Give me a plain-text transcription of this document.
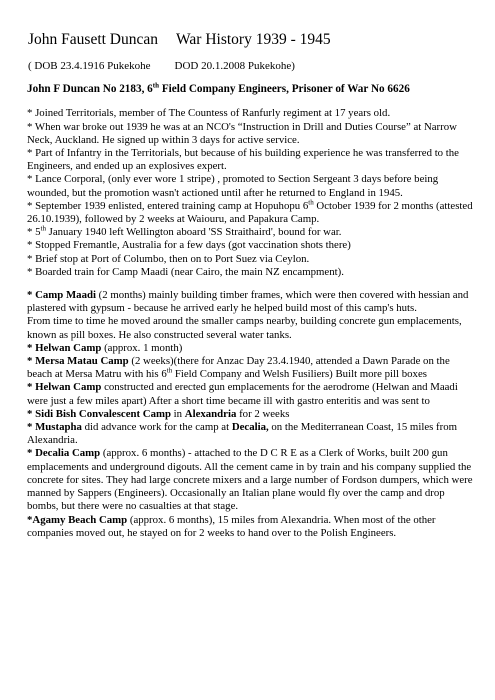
John Fausett Duncan War History 1939 - 1945
( DOB 23.4.1916 Pukekohe DOD 20.1.2008 Pukekohe)
John F Duncan No 2183, 6th Field Company Engineers, Prisoner of War No 6626

* Joined Territorials, member of The Countess of Ranfurly regiment at 17 years old.

* When war broke out 1939 he was at an NCO's “Instruction in Drill and Duties Course” at Narrow Neck, Auckland. He signed up within 3 days for active service.

* Part of Infantry in the Territorials, but because of his building experience he was transferred to the Engineers, and ended up an explosives expert.

* Lance Corporal, (only ever wore 1 stripe) , promoted to Section Sergeant 3 days before being wounded, but the promotion wasn't actioned until after he returned to England in 1945.

* September 1939 enlisted, entered training camp at Hopuhopu 6th October 1939 for 2 months (attested 26.10.1939), followed by 2 weeks at Waiouru, and Papakura Camp.

* 5th January 1940 left Wellington aboard 'SS Straithaird', bound for war.

* Stopped Fremantle, Australia for a few days (got vaccination shots there)

* Brief stop at Port of Columbo, then on to Port Suez via Ceylon.

* Boarded train for Camp Maadi (near Cairo, the main NZ encampment).

* Camp Maadi (2 months) mainly building timber frames, which were then covered with hessian and plastered with gypsum - because he arrived early he helped build most of this camp's huts.

From time to time he moved around the smaller camps nearby, building concrete gun emplacements, known as pill boxes. He also constructed several water tanks.

* Helwan Camp (approx. 1 month)

* Mersa Matau Camp (2 weeks)(there for Anzac Day 23.4.1940, attended a Dawn Parade on the beach at Mersa Matru with his 6th Field Company and Welsh Fusiliers) Built more pill boxes

* Helwan Camp constructed and erected gun emplacements for the aerodrome (Helwan and Maadi were just a few miles apart) After a short time became ill with gastro enteritis and was sent to

* Sidi Bish Convalescent Camp in Alexandria for 2 weeks

* Mustapha did advance work for the camp at Decalia, on the Mediterranean Coast, 15 miles from Alexandria.

* Decalia Camp (approx. 6 months) - attached to the D C R E as a Clerk of Works, built 200 gun emplacements and underground digouts. All the cement came in by train and his company supplied the concrete for sites. They had large concrete mixers and a large number of Fordson dumpers, which were manned by Sappers (Engineers). Occasionally an Italian plane would fly over the camp and drop bombs, but there were no casualties at that stage.

*Agamy Beach Camp (approx. 6 months), 15 miles from Alexandria. When most of the other companies moved out, he stayed on for 2 weeks to hand over to the Polish Engineers.
